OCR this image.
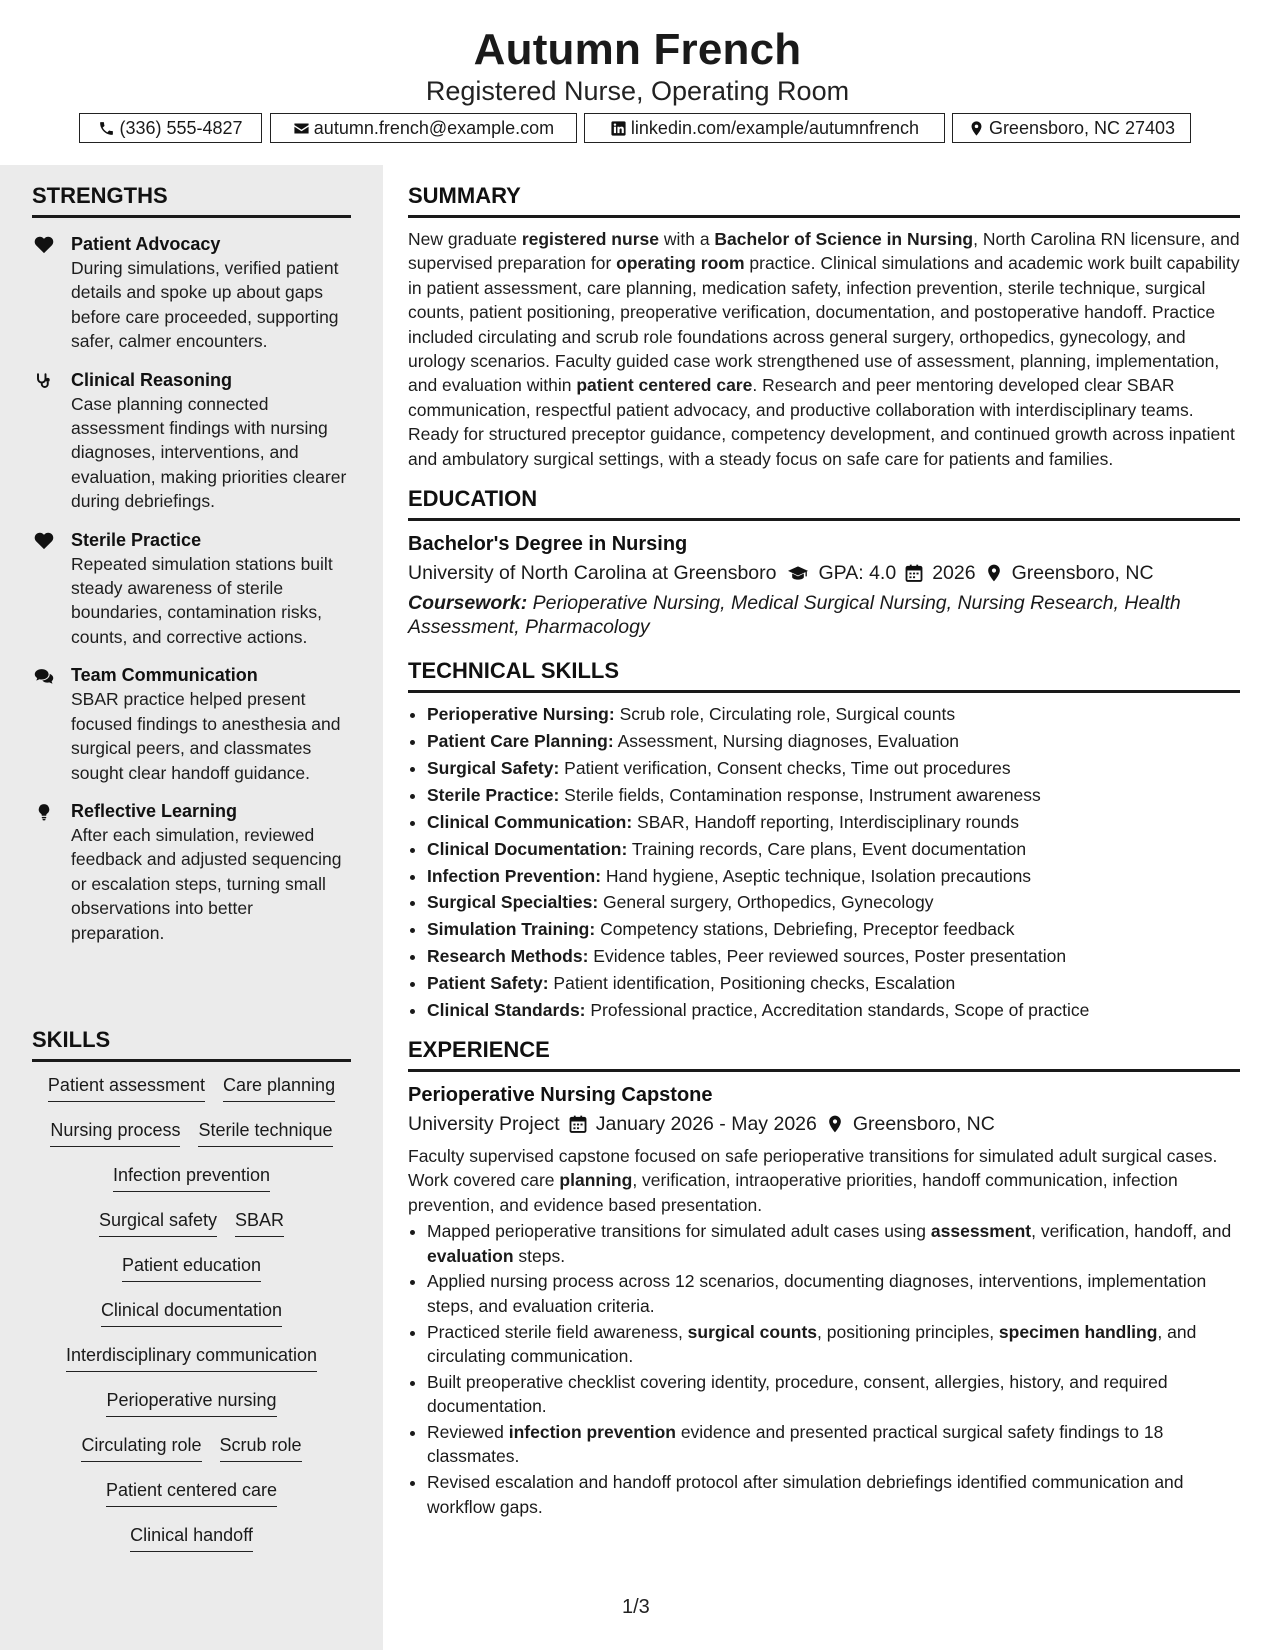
Autumn French
Registered Nurse, Operating Room
(336) 555-4827	autumn.french@example.com	linkedin.com/example/autumnfrench	Greensboro, NC 27403
STRENGTHS
Patient Advocacy
During simulations, verified patient details and spoke up about gaps before care proceeded, supporting safer, calmer encounters.
Clinical Reasoning
Case planning connected assessment findings with nursing diagnoses, interventions, and evaluation, making priorities clearer during debriefings.
Sterile Practice
Repeated simulation stations built steady awareness of sterile boundaries, contamination risks, counts, and corrective actions.
Team Communication
SBAR practice helped present focused findings to anesthesia and surgical peers, and classmates sought clear handoff guidance.
Reflective Learning
After each simulation, reviewed feedback and adjusted sequencing or escalation steps, turning small observations into better preparation.
SKILLS
Patient assessment Care planning
Nursing process Sterile technique
Infection prevention
Surgical safety SBAR
Patient education
Clinical documentation
Interdisciplinary communication
Perioperative nursing
Circulating role Scrub role
Patient centered care
Clinical handoff
SUMMARY
New graduate registered nurse with a Bachelor of Science in Nursing, North Carolina RN licensure, and supervised preparation for operating room practice. Clinical simulations and academic work built capability in patient assessment, care planning, medication safety, infection prevention, sterile technique, surgical counts, patient positioning, preoperative verification, documentation, and postoperative handoff. Practice included circulating and scrub role foundations across general surgery, orthopedics, gynecology, and urology scenarios. Faculty guided case work strengthened use of assessment, planning, implementation, and evaluation within patient centered care. Research and peer mentoring developed clear SBAR communication, respectful patient advocacy, and productive collaboration with interdisciplinary teams. Ready for structured preceptor guidance, competency development, and continued growth across inpatient and ambulatory surgical settings, with a steady focus on safe care for patients and families.
EDUCATION
Bachelor's Degree in Nursing
University of North Carolina at Greensboro GPA: 4.0 2026 Greensboro, NC
Coursework: Perioperative Nursing, Medical Surgical Nursing, Nursing Research, Health Assessment, Pharmacology
TECHNICAL SKILLS
• Perioperative Nursing: Scrub role, Circulating role, Surgical counts
• Patient Care Planning: Assessment, Nursing diagnoses, Evaluation
• Surgical Safety: Patient verification, Consent checks, Time out procedures
• Sterile Practice: Sterile fields, Contamination response, Instrument awareness
• Clinical Communication: SBAR, Handoff reporting, Interdisciplinary rounds
• Clinical Documentation: Training records, Care plans, Event documentation
• Infection Prevention: Hand hygiene, Aseptic technique, Isolation precautions
• Surgical Specialties: General surgery, Orthopedics, Gynecology
• Simulation Training: Competency stations, Debriefing, Preceptor feedback
• Research Methods: Evidence tables, Peer reviewed sources, Poster presentation
• Patient Safety: Patient identification, Positioning checks, Escalation
• Clinical Standards: Professional practice, Accreditation standards, Scope of practice
EXPERIENCE
Perioperative Nursing Capstone
University Project January 2026 - May 2026 Greensboro, NC
Faculty supervised capstone focused on safe perioperative transitions for simulated adult surgical cases. Work covered care planning, verification, intraoperative priorities, handoff communication, infection prevention, and evidence based presentation.
• Mapped perioperative transitions for simulated adult cases using assessment, verification, handoff, and evaluation steps.
• Applied nursing process across 12 scenarios, documenting diagnoses, interventions, implementation steps, and evaluation criteria.
• Practiced sterile field awareness, surgical counts, positioning principles, specimen handling, and circulating communication.
• Built preoperative checklist covering identity, procedure, consent, allergies, history, and required documentation.
• Reviewed infection prevention evidence and presented practical surgical safety findings to 18 classmates.
• Revised escalation and handoff protocol after simulation debriefings identified communication and workflow gaps.
1/3
